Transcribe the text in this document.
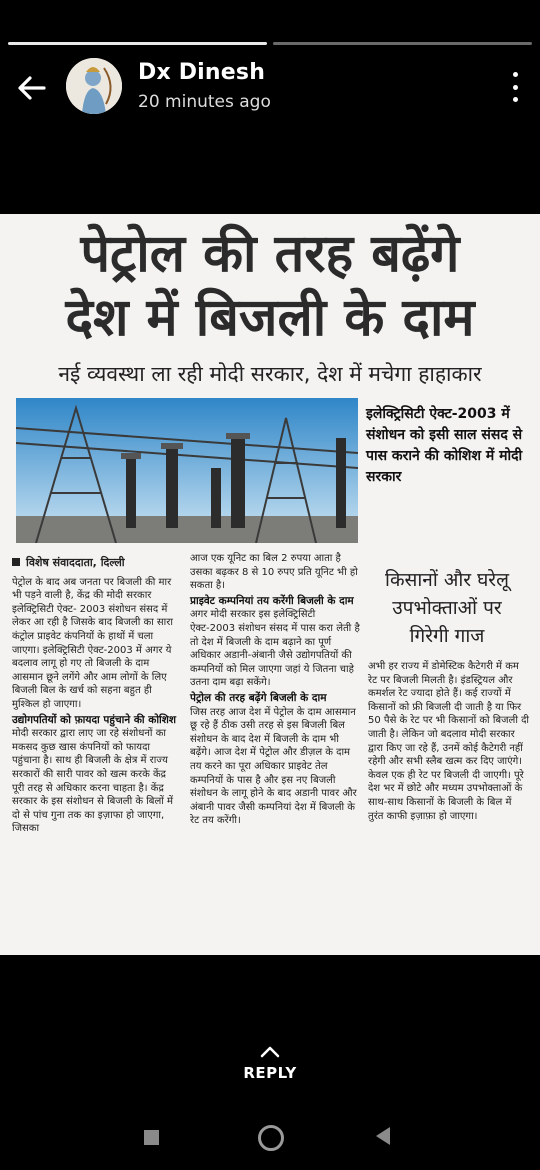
Dx Dinesh
20 minutes ago
पेट्रोल की तरह बढ़ेंगे
देश में बिजली के दाम
नई व्यवस्था ला रही मोदी सरकार, देश में मचेगा हाहाकार
इलेक्ट्रिसिटी ऐक्ट-2003 में संशोधन को इसी साल संसद से पास कराने की कोशिश में मोदी सरकार
विशेष संवाददाता, दिल्ली

पेट्रोल के बाद अब जनता पर बिजली की मार भी पड़ने वाली है, केंद्र की मोदी सरकार इलेक्ट्रिसिटी ऐक्ट- 2003 संशोधन संसद में लेकर आ रही है जिसके बाद बिजली का सारा कंट्रोल प्राइवेट कंपनियों के हाथों में चला जाएगा। इलेक्ट्रिसिटी ऐक्ट-2003 में अगर ये बदलाव लागू हो गए तो बिजली के दाम आसमान छूने लगेंगे और आम लोगों के लिए बिजली बिल के खर्च को सहना बहुत ही मुश्किल हो जाएगा।

उद्योगपतियों को फ़ायदा पहुंचाने की कोशिश

मोदी सरकार द्वारा लाए जा रहे संशोधनों का मकसद कुछ खास कंपनियों को फायदा पहुंचाना है। साथ ही बिजली के क्षेत्र में राज्य सरकारों की सारी पावर को खत्म करके केंद्र पूरी तरह से अधिकार करना चाहता है। केंद्र सरकार के इस संशोधन से बिजली के बिलों में दो से पांच गुना तक का इज़ाफा हो जाएगा, जिसका

आज एक यूनिट का बिल 2 रुपया आता है उसका बढ़कर 8 से 10 रुपए प्रति यूनिट भी हो सकता है।

प्राइवेट कम्पनियां तय करेंगी बिजली के दाम

अगर मोदी सरकार इस इलेक्ट्रिसिटी ऐक्ट-2003 संशोधन संसद में पास करा लेती है तो देश में बिजली के दाम बढ़ाने का पूर्ण अधिकार अडानी-अंबानी जैसे उद्योगपतियों की कम्पनियों को मिल जाएगा जहां ये जितना चाहे उतना दाम बढ़ा सकेंगे।

पेट्रोल की तरह बढ़ेंगे बिजली के दाम

जिस तरह आज देश में पेट्रोल के दाम आसमान छू रहे हैं ठीक उसी तरह से इस बिजली बिल संशोधन के बाद देश में बिजली के दाम भी बढ़ेंगे। आज देश में पेट्रोल और डीज़ल के दाम तय करने का पूरा अधिकार प्राइवेट तेल कम्पनियों के पास है और इस नए बिजली संशोधन के लागू होने के बाद अडानी पावर और अंबानी पावर जैसी कम्पनियां देश में बिजली के रेट तय करेंगी।

किसानों और घरेलू उपभोक्ताओं पर गिरेगी गाज

अभी हर राज्य में डोमेस्टिक कैटेगरी में कम रेट पर बिजली मिलती है। इंडस्ट्रियल और कमर्शल रेट ज्यादा होते हैं। कई राज्यों में किसानों को फ्री बिजली दी जाती है या फिर 50 पैसे के रेट पर भी किसानों को बिजली दी जाती है। लेकिन जो बदलाव मोदी सरकार द्वारा किए जा रहे हैं, उनमें कोई कैटेगरी नहीं रहेगी और सभी स्लैब खत्म कर दिए जाएंगे। केवल एक ही रेट पर बिजली दी जाएगी। पूरे देश भर में छोटे और मध्यम उपभोक्ताओं के साथ-साथ किसानों के बिजली के बिल में तुरंत काफी इज़ाफ़ा हो जाएगा।

REPLY
